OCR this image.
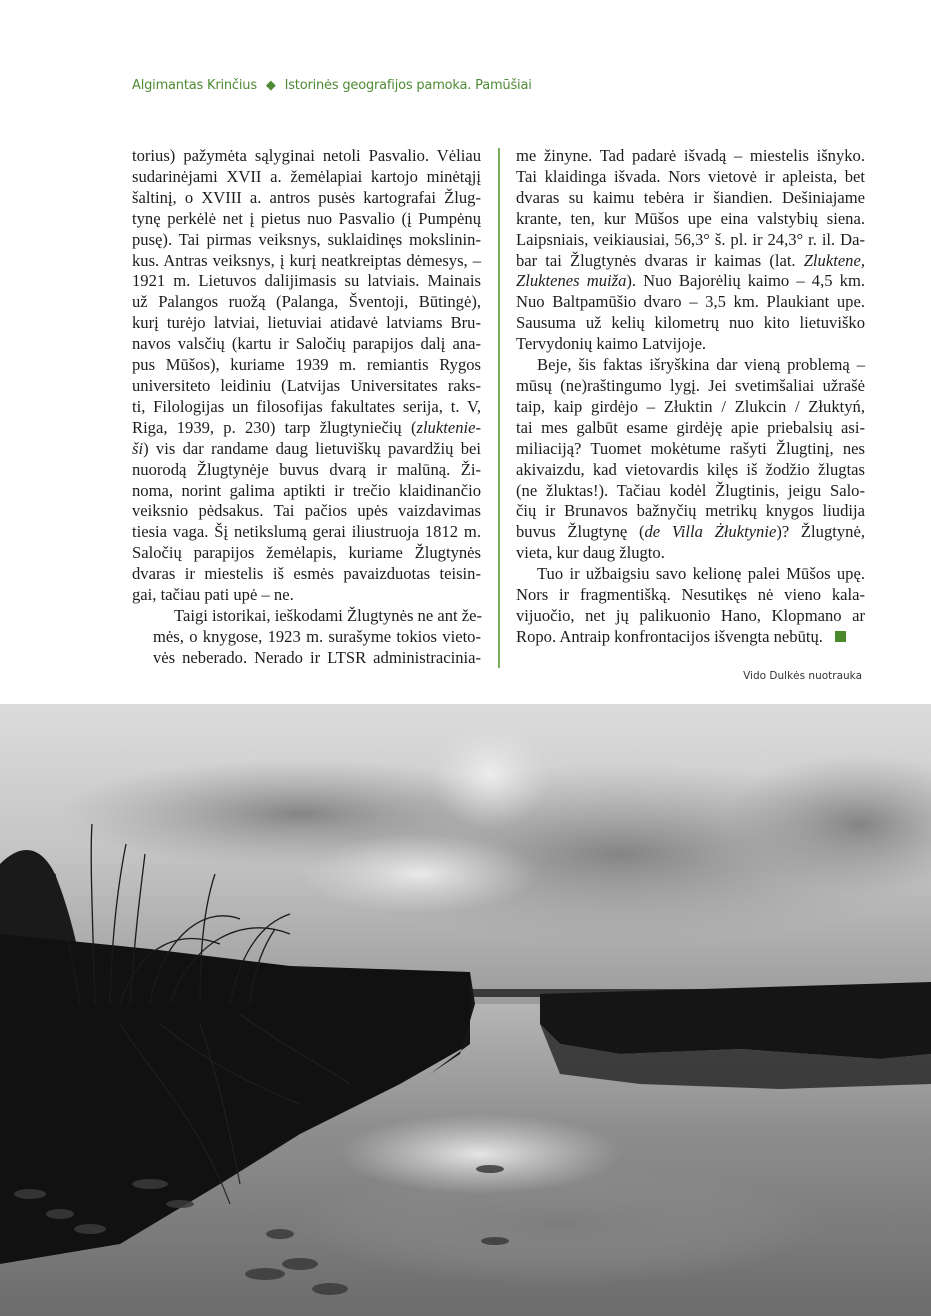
Algimantas Krinčius ◆ Istorinės geografijos pamoka. Pamūšiai

torius) pažymėta sąlyginai netoli Pasvalio. Vėliau
sudarinėjami XVII a. žemėlapiai kartojo minėtąjį
šaltinį, o XVIII a. antros pusės kartografai Žlug-
tynę perkėlė net į pietus nuo Pasvalio (į Pumpėnų
pusę). Tai pirmas veiksnys, suklaidinęs mokslinin-
kus. Antras veiksnys, į kurį neatkreiptas dėmesys, –
1921 m. Lietuvos dalijimasis su latviais. Mainais
už Palangos ruožą (Palanga, Šventoji, Būtingė),
kurį turėjo latviai, lietuviai atidavė latviams Bru-
navos valsčių (kartu ir Saločių parapijos dalį ana-
pus Mūšos), kuriame 1939 m. remiantis Rygos
universiteto leidiniu (Latvijas Universitates raks-
ti, Filologijas un filosofijas fakultates serija, t. V,
Riga, 1939, p. 230) tarp žlugtyniečių (zluktenie-
ši) vis dar randame daug lietuviškų pavardžių bei
nuorodą Žlugtynėje buvus dvarą ir malūną. Ži-
noma, norint galima aptikti ir trečio klaidinančio
veiksnio pėdsakus. Tai pačios upės vaizdavimas
tiesia vaga. Šį netikslumą gerai iliustruoja 1812 m.
Saločių parapijos žemėlapis, kuriame Žlugtynės
dvaras ir miestelis iš esmės pavaizduotas teisin-
gai, tačiau pati upė – ne.

Taigi istorikai, ieškodami Žlugtynės ne ant že-
mės, o knygose, 1923 m. surašyme tokios vieto-
vės neberado. Nerado ir LTSR administracinia-

me žinyne. Tad padarė išvadą – miestelis išnyko.
Tai klaidinga išvada. Nors vietovė ir apleista, bet
dvaras su kaimu tebėra ir šiandien. Dešiniajame
krante, ten, kur Mūšos upe eina valstybių siena.
Laipsniais, veikiausiai, 56,3° š. pl. ir 24,3° r. il. Da-
bar tai Žlugtynės dvaras ir kaimas (lat. Zluktene,
Zluktenes muiža). Nuo Bajorėlių kaimo – 4,5 km.
Nuo Baltpamūšio dvaro – 3,5 km. Plaukiant upe.
Sausuma už kelių kilometrų nuo kito lietuviško
Tervydonių kaimo Latvijoje.

Beje, šis faktas išryškina dar vieną problemą –
mūsų (ne)raštingumo lygį. Jei svetimšaliai užrašė
taip, kaip girdėjo – Złuktin / Zlukcin / Złuktyń,
tai mes galbūt esame girdėję apie priebalsių asi-
miliaciją? Tuomet mokėtume rašyti Žlugtinį, nes
akivaizdu, kad vietovardis kilęs iš žodžio žlugtas
(ne žluktas!). Tačiau kodėl Žlugtinis, jeigu Salo-
čių ir Brunavos bažnyčių metrikų knygos liudija
buvus Žlugtynę (de Villa Żłuktynie)? Žlugtynė,
vieta, kur daug žlugto.

Tuo ir užbaigsiu savo kelionę palei Mūšos upę.
Nors ir fragmentišką. Nesutikęs nė vieno kala-
vijuočio, net jų palikuonio Hano, Klopmano ar
Ropo. Antraip konfrontacijos išvengta nebūtų.

Vido Dulkės nuotrauka
